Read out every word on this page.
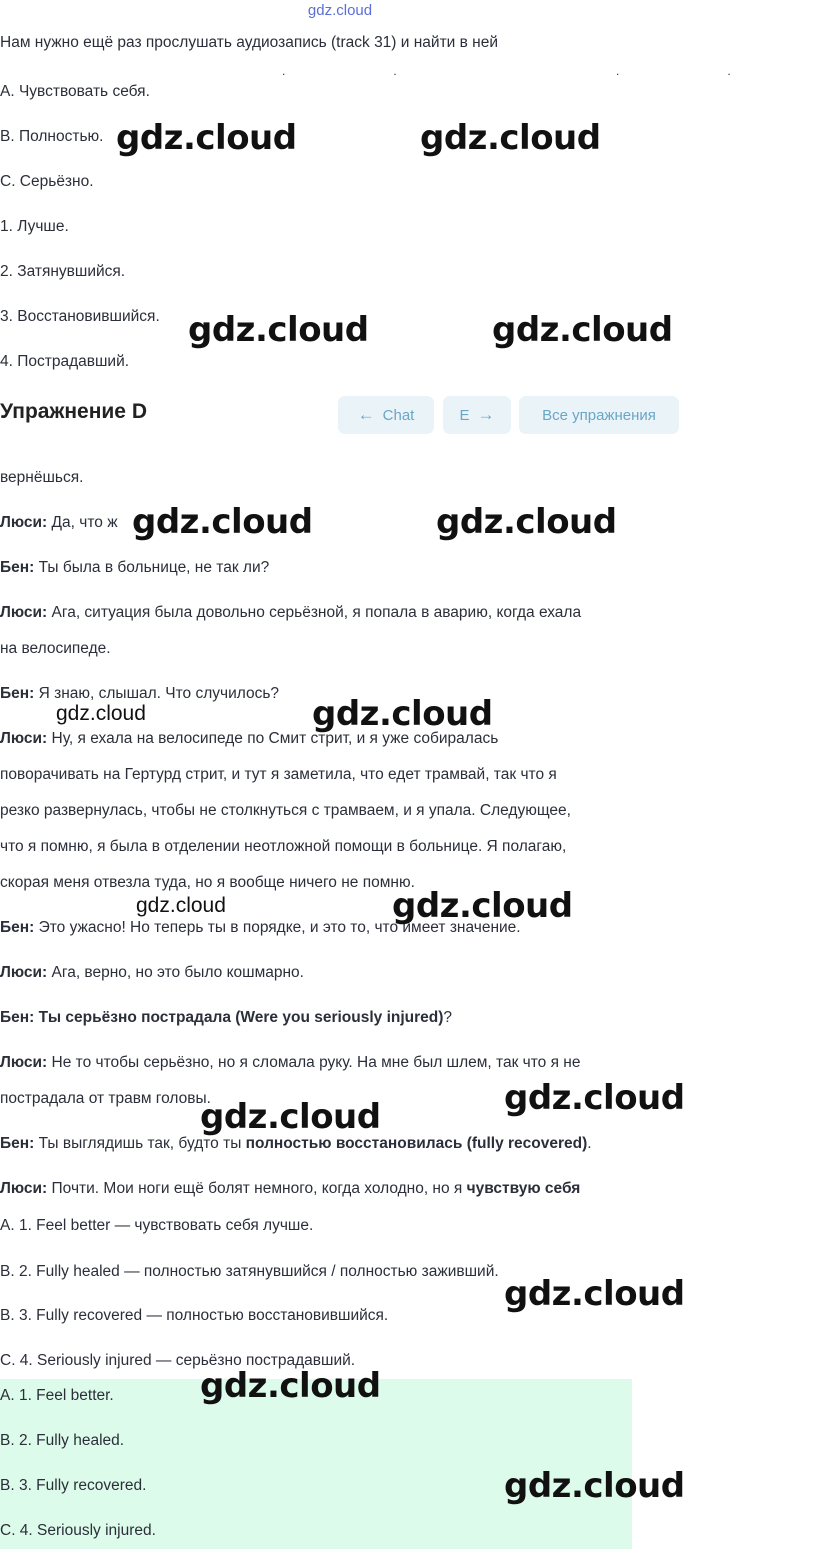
gdz.cloud
Нам нужно ещё раз прослушать аудиозапись (track 31) и найти в ней
.. ..
A. Чувствовать себя.
B. Полностью.
C. Серьёзно.
1. Лучше.
2. Затянувшийся.
3. Восстановившийся.
4. Пострадавший.
Упражнение D	← Chat	E →	Все упражнения
вернёшься.
Люси: Да, что ж
Бен: Ты была в больнице, не так ли?
Люси: Ага, ситуация была довольно серьёзной, я попала в аварию, когда ехала
на велосипеде.
Бен: Я знаю, слышал. Что случилось?
Люси: Ну, я ехала на велосипеде по Смит стрит, и я уже собиралась
поворачивать на Гертурд стрит, и тут я заметила, что едет трамвай, так что я
резко развернулась, чтобы не столкнуться с трамваем, и я упала. Следующее,
что я помню, я была в отделении неотложной помощи в больнице. Я полагаю,
скорая меня отвезла туда, но я вообще ничего не помню.
Бен: Это ужасно! Но теперь ты в порядке, и это то, что имеет значение.
Люси: Ага, верно, но это было кошмарно.
Бен: Ты серьёзно пострадала (Were you seriously injured)?
Люси: Не то чтобы серьёзно, но я сломала руку. На мне был шлем, так что я не
пострадала от травм головы.
Бен: Ты выглядишь так, будто ты полностью восстановилась (fully recovered).
Люси: Почти. Мои ноги ещё болят немного, когда холодно, но я чувствую себя
A. 1. Feel better — чувствовать себя лучше.
B. 2. Fully healed — полностью затянувшийся / полностью заживший.
B. 3. Fully recovered — полностью восстановившийся.
C. 4. Seriously injured — серьёзно пострадавший.
A. 1. Feel better.
B. 2. Fully healed.
B. 3. Fully recovered.
C. 4. Seriously injured.
gdz.cloud	gdz.cloud
gdz.cloud	gdz.cloud
gdz.cloud	gdz.cloud
gdz.cloud	gdz.cloud
gdz.cloud	gdz.cloud
gdz.cloud	gdz.cloud
gdz.cloud
gdz.cloud
gdz.cloud
